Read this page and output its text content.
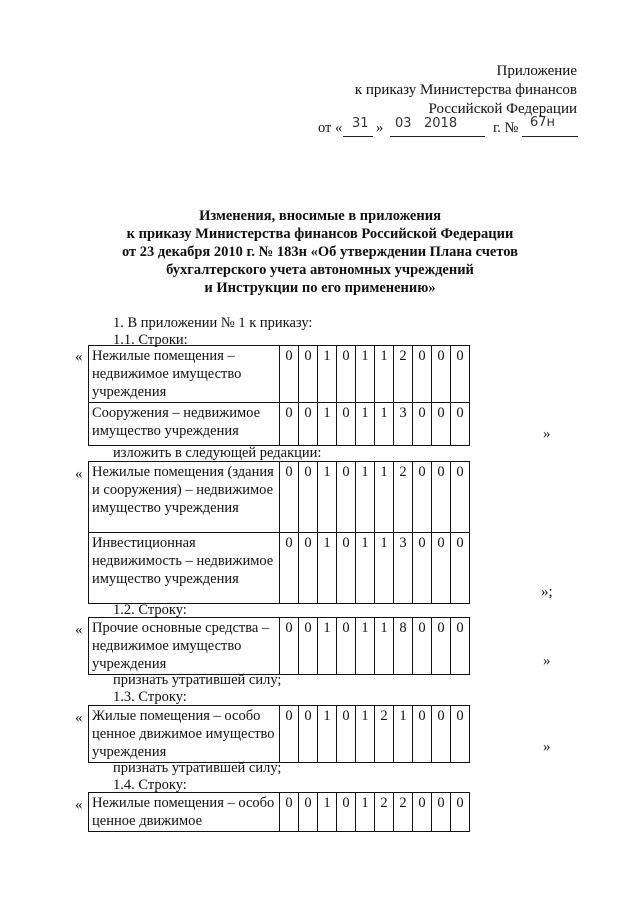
Приложение
к приказу Министерства финансов
Российской Федерации
от « 31 » 03 2018 г. № 67н
Изменения, вносимые в приложения
к приказу Министерства финансов Российской Федерации
от 23 декабря 2010 г. № 183н «Об утверждении Плана счетов
бухгалтерского учета автономных учреждений
и Инструкции по его применению»
1. В приложении № 1 к приказу:
1.1. Строки:
« Нежилые помещения – недвижимое имущество учреждения	0	0	1	0	1	1	2	0	0	0
Сооружения – недвижимое имущество учреждения	0	0	1	0	1	1	3	0	0	0
»
изложить в следующей редакции:
« Нежилые помещения (здания и сооружения) – недвижимое имущество учреждения	0	0	1	0	1	1	2	0	0	0
Инвестиционная недвижимость – недвижимое имущество учреждения	0	0	1	0	1	1	3	0	0	0
»;
1.2. Строку:
« Прочие основные средства – недвижимое имущество учреждения	0	0	1	0	1	1	8	0	0	0
»
признать утратившей силу;
1.3. Строку:
« Жилые помещения – особо ценное движимое имущество учреждения	0	0	1	0	1	2	1	0	0	0
»
признать утратившей силу;
1.4. Строку:
« Нежилые помещения – особо ценное движимое	0	0	1	0	1	2	2	0	0	0
